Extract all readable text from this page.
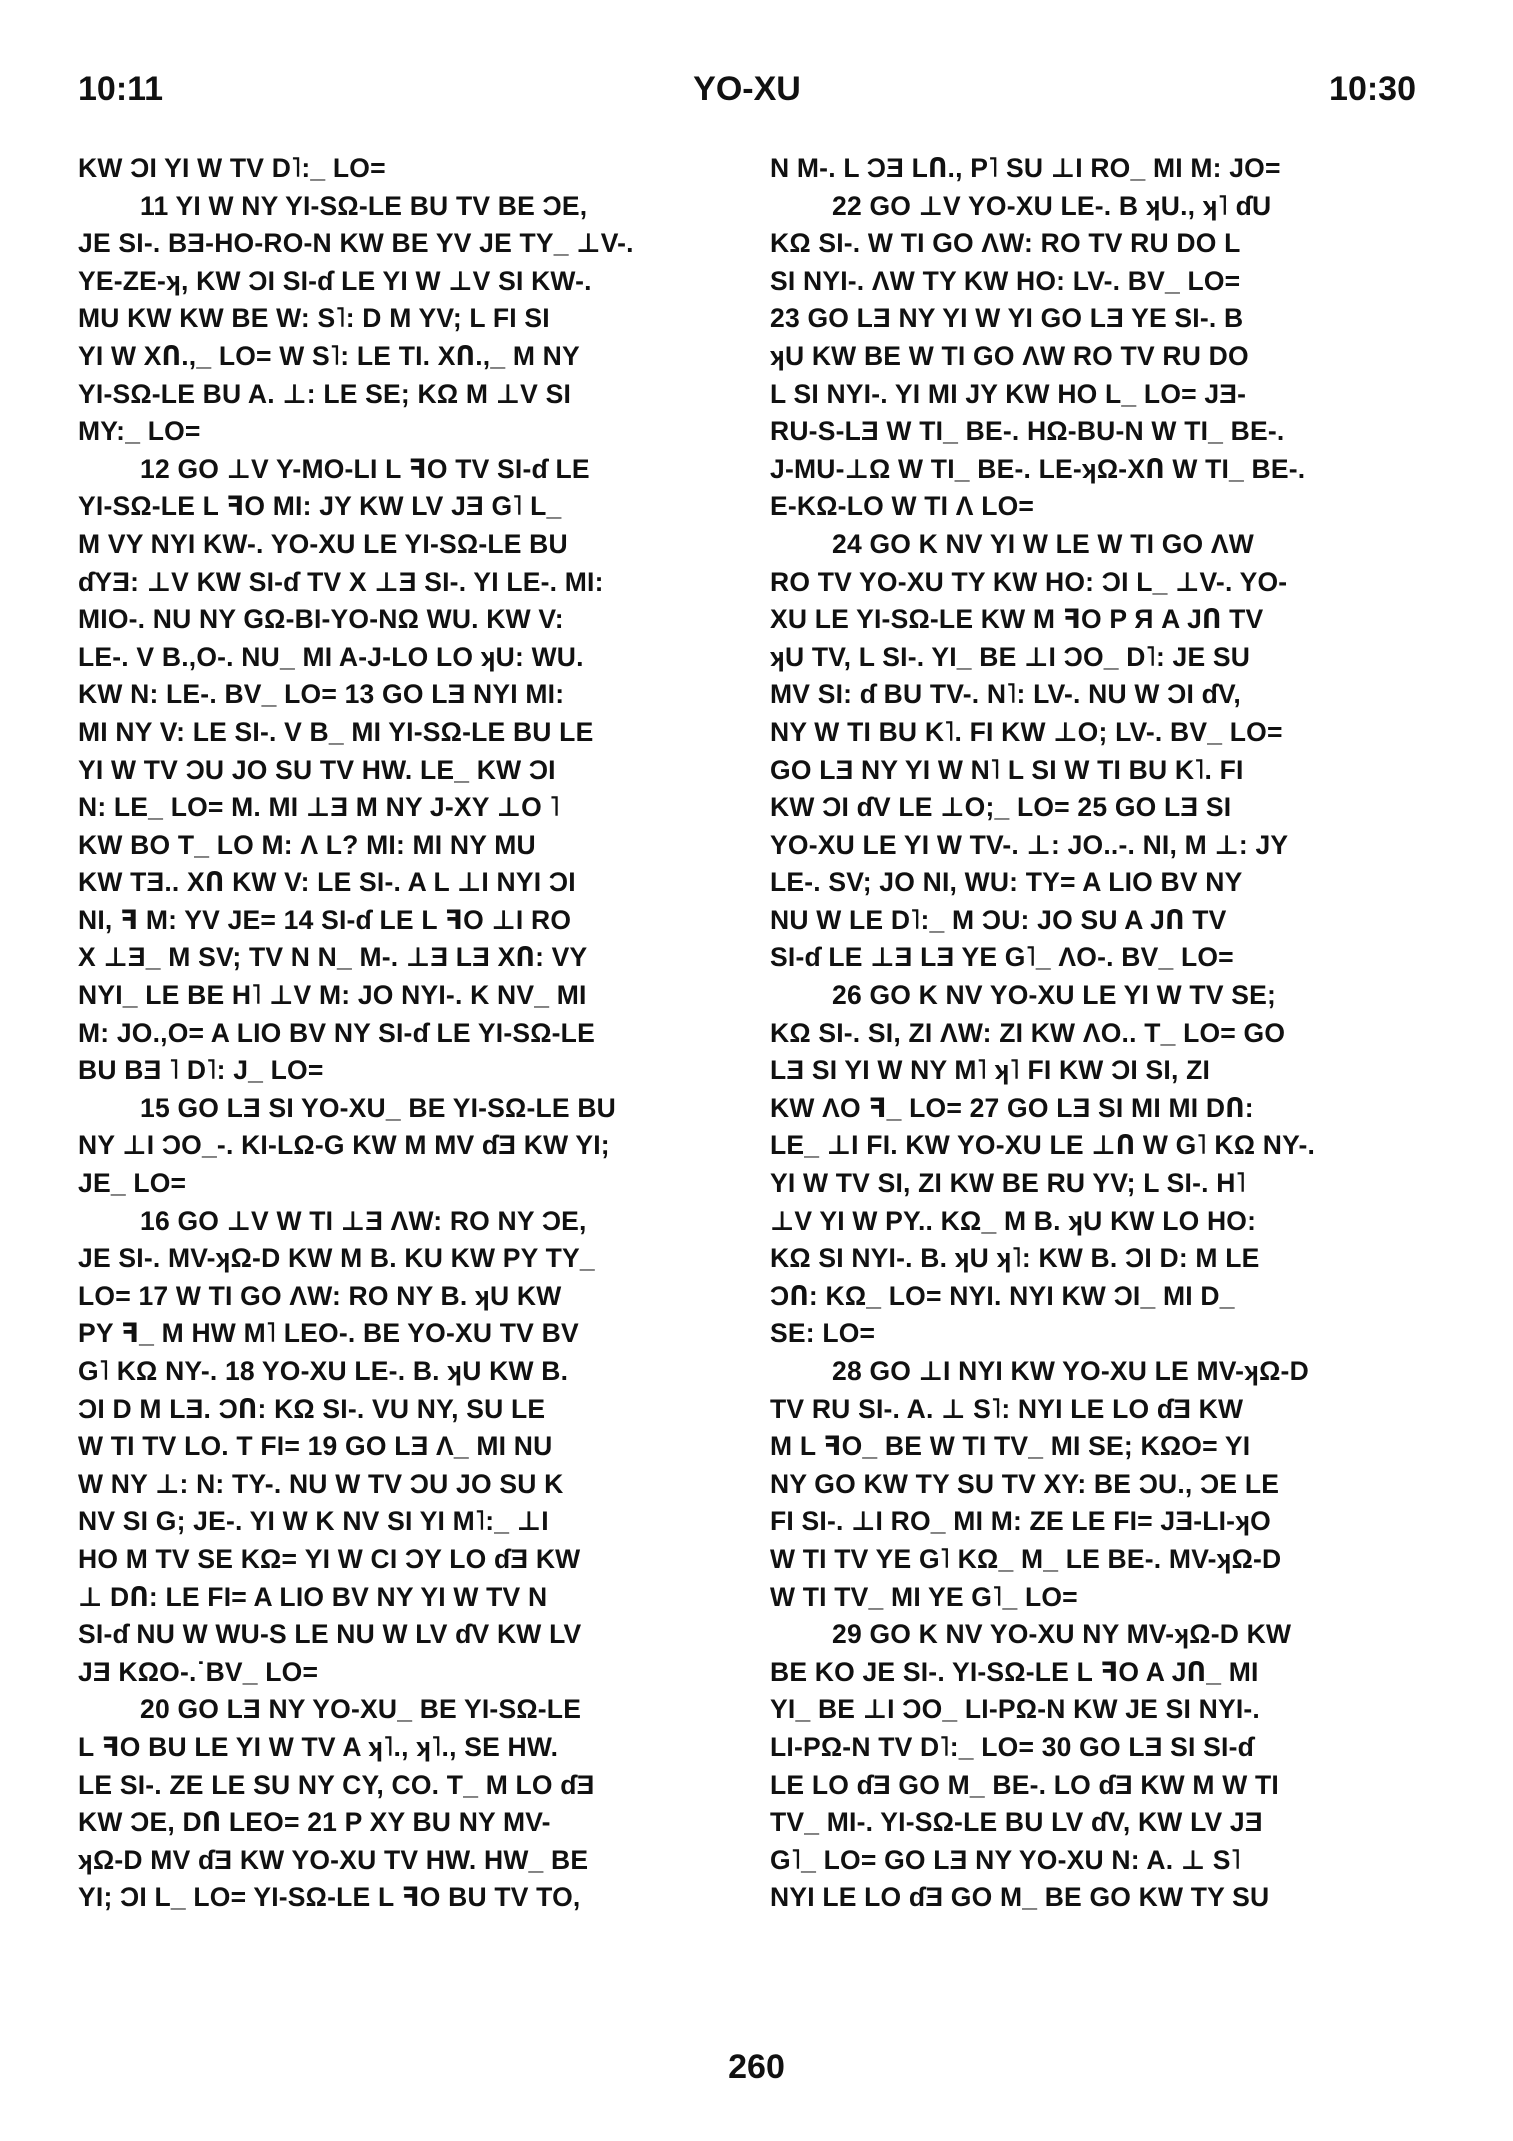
10:11	YO-XU	10:30
KW ƆI YI W TV D˥:_ LO=
11 YI W NY YI-SΩ-LE BU TV BE ƆE,
JE SI-. BƎ-HO-RO-N KW BE YV JE TY_ ⊥V-.
YE-ZE-ʞ, KW ƆI SI-ɗ LE YI W ⊥V SI KW-.
MU KW KW BE W: S˥: D M YV; L FI SI
YI W XՈ.,_ LO= W S˥: LE TI. XՈ.,_ M NY
YI-SΩ-LE BU A. ⊥: LE SE; KΩ M ⊥V SI
MY:_ LO=
12 GO ⊥V Y-MO-LI L ꟻO TV SI-ɗ LE
YI-SΩ-LE L ꟻO MI: JY KW LV JƎ G˥ L_
M VY NYI KW-. YO-XU LE YI-SΩ-LE BU
ɗYƎ: ⊥V KW SI-ɗ TV X ⊥Ǝ SI-. YI LE-. MI:
MIO-. NU NY GΩ-BI-YO-NΩ WU. KW V:
LE-. V B.,O-. NU_ MI A-J-LO LO ʞU: WU.
KW N: LE-. BV_ LO= 13 GO LƎ NYI MI:
MI NY V: LE SI-. V B_ MI YI-SΩ-LE BU LE
YI W TV ƆU JO SU TV HW. LE_ KW ƆI
N: LE_ LO= M. MI ⊥Ǝ M NY J-XY ⊥O ˥
KW BO T_ LO M: Λ L? MI: MI NY MU
KW TƎ.. XՈ KW V: LE SI-. A L ⊥I NYI ƆI
NI, ꟻ M: YV JE= 14 SI-ɗ LE L ꟻO ⊥I RO
X ⊥Ǝ_ M SV; TV N N_ M-. ⊥Ǝ LƎ XՈ: VY
NYI_ LE BE H˥ ⊥V M: JO NYI-. K NV_ MI
M: JO.,O= A LIO BV NY SI-ɗ LE YI-SΩ-LE
BU BƎ ˥ D˥: J_ LO=
15 GO LƎ SI YO-XU_ BE YI-SΩ-LE BU
NY ⊥I ƆO_-. KI-LΩ-G KW M MV ɗƎ KW YI;
JE_ LO=
16 GO ⊥V W TI ⊥Ǝ ΛW: RO NY ƆE,
JE SI-. MV-ʞΩ-D KW M B. KU KW PY TY_
LO= 17 W TI GO ΛW: RO NY B. ʞU KW
PY ꟻ_ M HW M˥ LEO-. BE YO-XU TV BV
G˥ KΩ NY-. 18 YO-XU LE-. B. ʞU KW B.
ƆI D M LƎ. ƆՈ: KΩ SI-. VU NY, SU LE
W TI TV LO. T FI= 19 GO LƎ Λ_ MI NU
W NY ⊥: N: TY-. NU W TV ƆU JO SU K
NV SI G; JE-. YI W K NV SI YI M˥:_ ⊥I
HO M TV SE KΩ= YI W CI ƆY LO ɗƎ KW
⊥ DՈ: LE FI= A LIO BV NY YI W TV N
SI-ɗ NU W WU-S LE NU W LV ɗV KW LV
JƎ KΩO-.˙BV_ LO=
20 GO LƎ NY YO-XU_ BE YI-SΩ-LE
L ꟻO BU LE YI W TV A ʞ˥., ʞ˥., SE HW.
LE SI-. ZE LE SU NY CY, CO. T_ M LO ɗƎ
KW ƆE, DՈ LEO= 21 P XY BU NY MV-
ʞΩ-D MV ɗƎ KW YO-XU TV HW. HW_ BE
YI; ƆI L_ LO= YI-SΩ-LE L ꟻO BU TV TO,
N M-. L ƆƎ LՈ., P˥ SU ⊥I RO_ MI M: JO=
22 GO ⊥V YO-XU LE-. B ʞU., ʞ˥ ɗU
KΩ SI-. W TI GO ΛW: RO TV RU DO L
SI NYI-. ΛW TY KW HO: LV-. BV_ LO=
23 GO LƎ NY YI W YI GO LƎ YE SI-. B
ʞU KW BE W TI GO ΛW RO TV RU DO
L SI NYI-. YI MI JY KW HO L_ LO= JƎ-
RU-S-LƎ W TI_ BE-. HΩ-BU-N W TI_ BE-.
J-MU-⊥Ω W TI_ BE-. LE-ʞΩ-XՈ W TI_ BE-.
E-KΩ-LO W TI Λ LO=
24 GO K NV YI W LE W TI GO ΛW
RO TV YO-XU TY KW HO: ƆI L_ ⊥V-. YO-
XU LE YI-SΩ-LE KW M ꟻO P Я A JՈ TV
ʞU TV, L SI-. YI_ BE ⊥I ƆO_ D˥: JE SU
MV SI: ɗ BU TV-. N˥: LV-. NU W ƆI ɗV,
NY W TI BU K˥. FI KW ⊥O; LV-. BV_ LO=
GO LƎ NY YI W N˥ L SI W TI BU K˥. FI
KW ƆI ɗV LE ⊥O;_ LO= 25 GO LƎ SI
YO-XU LE YI W TV-. ⊥: JO..-. NI, M ⊥: JY
LE-. SV; JO NI, WU: TY= A LIO BV NY
NU W LE D˥:_ M ƆU: JO SU A JՈ TV
SI-ɗ LE ⊥Ǝ LƎ YE G˥_ ΛO-. BV_ LO=
26 GO K NV YO-XU LE YI W TV SE;
KΩ SI-. SI, ZI ΛW: ZI KW ΛO.. T_ LO= GO
LƎ SI YI W NY M˥ ʞ˥ FI KW ƆI SI, ZI
KW ΛO ꟻ_ LO= 27 GO LƎ SI MI MI DՈ:
LE_ ⊥I FI. KW YO-XU LE ⊥Ո W G˥ KΩ NY-.
YI W TV SI, ZI KW BE RU YV; L SI-. H˥
⊥V YI W PY.. KΩ_ M B. ʞU KW LO HO:
KΩ SI NYI-. B. ʞU ʞ˥: KW B. ƆI D: M LE
ƆՈ: KΩ_ LO= NYI. NYI KW ƆI_ MI D_
SE: LO=
28 GO ⊥I NYI KW YO-XU LE MV-ʞΩ-D
TV RU SI-. A. ⊥ S˥: NYI LE LO ɗƎ KW
M L ꟻO_ BE W TI TV_ MI SE; KΩO= YI
NY GO KW TY SU TV XY: BE ƆU., ƆE LE
FI SI-. ⊥I RO_ MI M: ZE LE FI= JƎ-LI-ʞO
W TI TV YE G˥ KΩ_ M_ LE BE-. MV-ʞΩ-D
W TI TV_ MI YE G˥_ LO=
29 GO K NV YO-XU NY MV-ʞΩ-D KW
BE KO JE SI-. YI-SΩ-LE L ꟻO A JՈ_ MI
YI_ BE ⊥I ƆO_ LI-PΩ-N KW JE SI NYI-.
LI-PΩ-N TV D˥:_ LO= 30 GO LƎ SI SI-ɗ
LE LO ɗƎ GO M_ BE-. LO ɗƎ KW M W TI
TV_ MI-. YI-SΩ-LE BU LV ɗV, KW LV JƎ
G˥_ LO= GO LƎ NY YO-XU N: A. ⊥ S˥
NYI LE LO ɗƎ GO M_ BE GO KW TY SU
260
